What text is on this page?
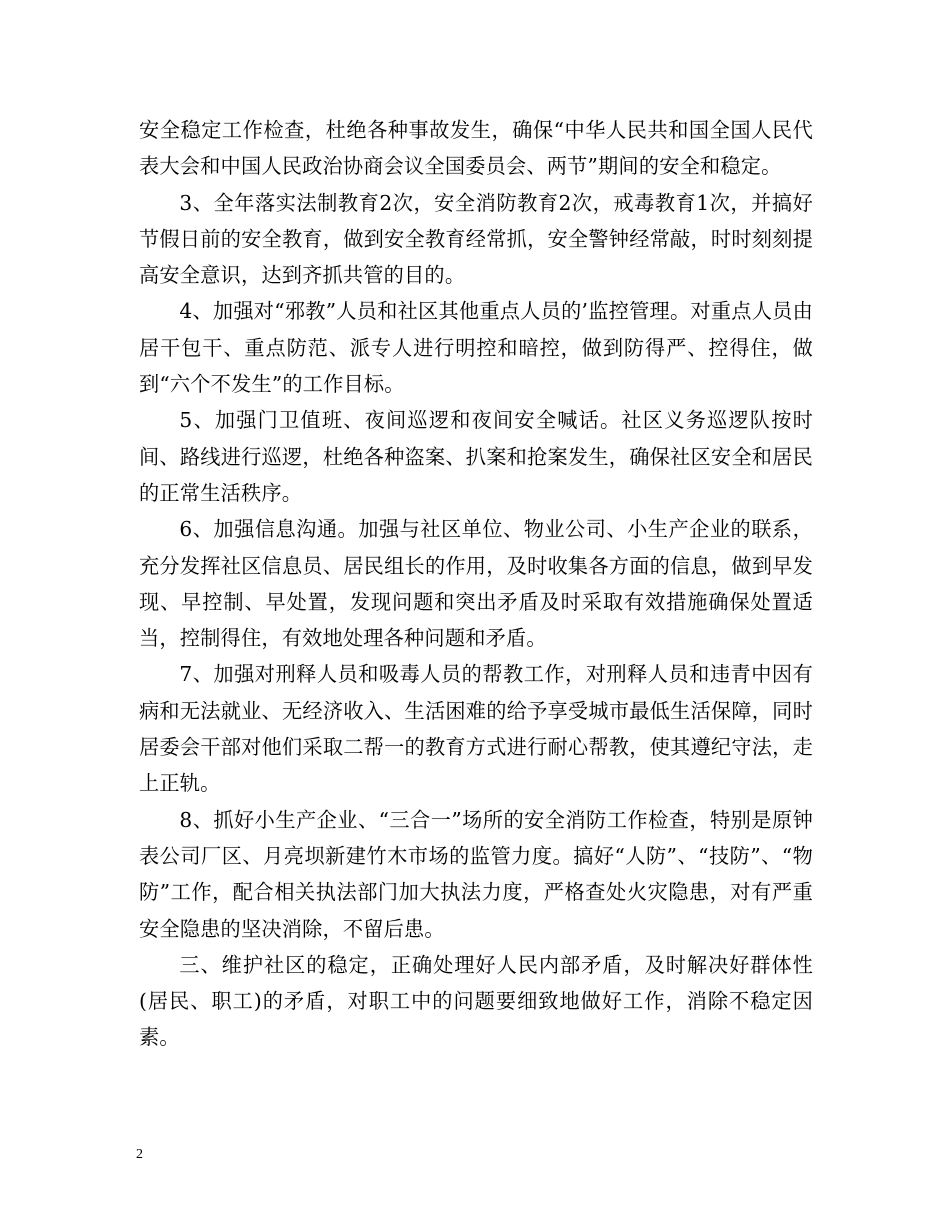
安全稳定工作检查，杜绝各种事故发生，确保“中华人民共和国全国人民代表大会和中国人民政治协商会议全国委员会、两节”期间的安全和稳定。

3、全年落实法制教育2次，安全消防教育2次，戒毒教育1次，并搞好节假日前的安全教育，做到安全教育经常抓，安全警钟经常敲，时时刻刻提高安全意识，达到齐抓共管的目的。

4、加强对“邪教”人员和社区其他重点人员的’监控管理。对重点人员由居干包干、重点防范、派专人进行明控和暗控，做到防得严、控得住，做到“六个不发生”的工作目标。

5、加强门卫值班、夜间巡逻和夜间安全喊话。社区义务巡逻队按时间、路线进行巡逻，杜绝各种盗案、扒案和抢案发生，确保社区安全和居民的正常生活秩序。

6、加强信息沟通。加强与社区单位、物业公司、小生产企业的联系，充分发挥社区信息员、居民组长的作用，及时收集各方面的信息，做到早发现、早控制、早处置，发现问题和突出矛盾及时采取有效措施确保处置适当，控制得住，有效地处理各种问题和矛盾。

7、加强对刑释人员和吸毒人员的帮教工作，对刑释人员和违青中因有病和无法就业、无经济收入、生活困难的给予享受城市最低生活保障，同时居委会干部对他们采取二帮一的教育方式进行耐心帮教，使其遵纪守法，走上正轨。

8、抓好小生产企业、“三合一”场所的安全消防工作检查，特别是原钟表公司厂区、月亮坝新建竹木市场的监管力度。搞好“人防”、“技防”、“物防”工作，配合相关执法部门加大执法力度，严格查处火灾隐患，对有严重安全隐患的坚决消除，不留后患。

三、维护社区的稳定，正确处理好人民内部矛盾，及时解决好群体性(居民、职工)的矛盾，对职工中的问题要细致地做好工作，消除不稳定因素。

2
